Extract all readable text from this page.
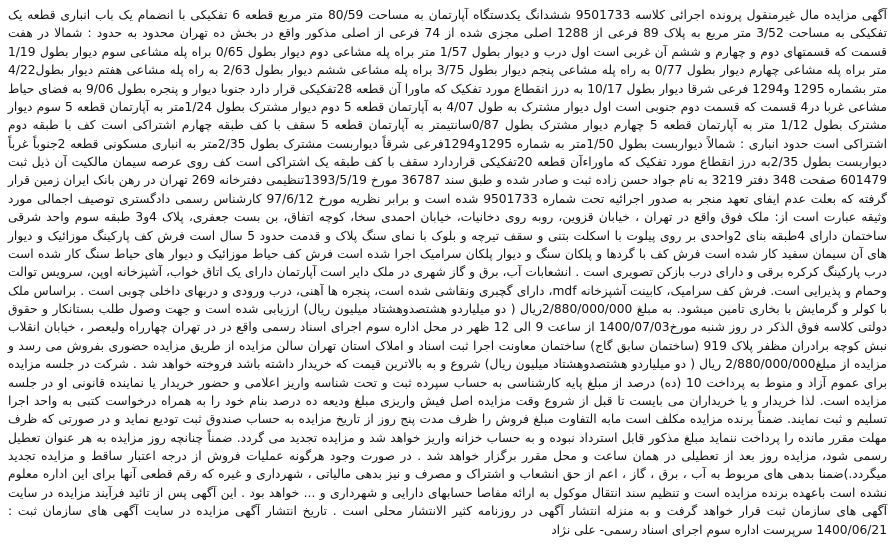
آگهی مزایده مال غیرمنقول پرونده اجرائی کلاسه 9501733 ششدانگ یکدستگاه آپارتمان به مساحت 80/59 متر مربع قطعه 6 تفکیکی با انضمام یک باب انباری قطعه یک تفکیکی به مساحت 3/52 متر مربع به پلاک 89 فرعی از 1288 اصلی مجزی شده از 74 فرعی از اصلی مذکور واقع در بخش ده تهران محدود به حدود : شمالا در هفت قسمت که قسمتهای دوم و چهارم و ششم آن غربی است اول درب و دیوار بطول 1/57 متر براه پله مشاعی دوم دیوار بطول 0/65 براه پله مشاعی سوم دیوار بطول 1/19 متر براه پله مشاعی چهارم دیوار بطول 0/77 به راه پله مشاعی پنجم دیوار بطول 3/75 براه پله مشاعی ششم دیوار بطول 2/63 به راه پله مشاعی هفتم دیوار بطول4/22 متر بشماره 1295 و1294 فرعی شرقا دیوار بطول 10/17 به درز انقطاع مورد تفکیک که ماورا آن قطعه 28تفکیکی قرار دارد جنوبا دیوار و پنجره بطول 9/06 به فضای حیاط مشاعی غربا در4 قسمت که قسمت دوم جنوبی است اول دیوار مشترک به طول 4/07 به آپارتمان قطعه 5 دوم دیوار مشترک بطول 1/24متر به آپارتمان قطعه 5 سوم دیوار مشترک بطول 1/12 متر به آپارتمان قطعه 5 چهارم دیوار مشترک بطول 0/87سانتیمتر به آپارتمان قطعه 5 سقف با کف طبقه چهارم اشتراکی است کف با طبقه دوم اشتراکی است حدود انباری : شمالاً دیواربست بطول 1/50متر به شماره 1295و1294فرعی شرقاً دیواربست مشترک بطول 2/35متر به انباری مسکونی قطعه 2جنوباً غرباً دیواربست بطول 2/35به درز انقطاع مورد تفکیک که ماوراءآن قطعه 20تفکیکی قراردارد سقف با کف طبقه یک اشتراکی است کف روی عرصه سیمان مالکیت آن ذیل ثبت 601479 صفحت 348 دفتر 3219 به نام جواد حسن زاده ثبت و صادر شده و طبق سند 36787 مورخ 1393/5/19تنظیمی دفترخانه 269 تهران در رهن بانک ایران زمین قرار گرفته که بعلت عدم ایفای تعهد منجر به صدور اجرائیه تحت شماره 9501733 شده است و برابر نظریه مورخ 97/6/12 کارشناس رسمی دادگستری توصیف اجمالی مورد وثیقه عبارت است از: ملک فوق واقع در تهران ، خیابان قزوین، روبه روی دخانیات، خیابان احمدی سخا، کوچه اتفاق، بن بست جعفری، پلاک 4و3 طبقه سوم واحد شرقی ساختمان دارای 4طبقه بنای 2واحدی بر روی پیلوت با اسکلت بتنی و سقف تیرچه و بلوک با نمای سنگ پلاک و قدمت حدود 5 سال است فرش کف پارکینگ موزائیک و دیوار های آن سیمان سفید کار شده است فرش کف با گردها و پلکان سنگ و دیوار پلکان سرامیک اجرا شده است فرش کف حیاط موزائیک و دیوار های حیاط سنگ کار شده است درب پارکینگ کرکره برقی و دارای درب بازکن تصویری است . انشعابات آب، برق و گاز شهری در ملک دایر است آپارتمان دارای یک اتاق خواب، آشپزخانه اوپن، سرویس توالت وحمام و پذیرایی است. فرش کف سرامیک، کابینت آشپزخانه mdf، دارای گچبری ونقاشی شده است، پنجره ها آهنی، درب ورودی و دربهای داخلی چوبی است . براساس ملک با کولر و گرمایش با بخاری تامین میشود. به مبلغ 2/880/000/000ریال ( دو میلیاردو هشتصدوهشتاد میلیون ریال) ارزیابی شده است و جهت وصول طلب بستانکار و حقوق دولتی کلاسه فوق الذکر در روز شنبه مورخ1400/07/03 از ساعت 9 الی 12 ظهر در محل اداره سوم اجرای اسناد رسمی واقع در در تهران چهارراه ولیعصر ، خیابان انقلاب نبش کوچه برادران مظفر پلاک 919 (ساختمان سابق گاج) ساختمان معاونت اجرا ثبت اسناد و املاک استان تهران سالن مزایده از طریق مزایده حضوری بفروش می رسد و مزایده از مبلغ2/880/000/000 ریال ( دو میلیاردو هشتصدوهشتاد میلیون ریال) شروع و به بالاترین قیمت که خریدار داشته باشد فروخته خواهد شد . شرکت در جلسه مزایده برای عموم آزاد و منوط به پرداخت 10 (ده) درصد از مبلغ پایه کارشناسی به حساب سپرده ثبت و تحت شناسه واریز اعلامی و حضور خریدار یا نماینده قانونی او در جلسه مزایده است. لذا خریدار و یا خریداران می بایست تا قبل از شروع وقت مزایده اصل فیش واریزی مبلغ ودیعه ده درصد بنام خود را به همراه درخواست کتبی به واحد اجرا تسلیم و ثبت نمایند. ضمناً برنده مزایده مکلف است مابه التفاوت مبلغ فروش را ظرف مدت پنج روز از تاریخ مزایده به حساب صندوق ثبت تودیع نماید و در صورتی که ظرف مهلت مقرر مانده را پرداخت ننماید مبلغ مذکور قابل استرداد نبوده و به حساب خزانه واریز خواهد شد و مزایده تجدید می گردد. ضمناً چنانچه روز مزایده به هر عنوان تعطیل رسمی شود، مزایده روز بعد از تعطیلی در همان ساعت و محل مقرر برگزار خواهد شد . در صورت وجود هرگونه عملیات فروش از درجه اعتبار ساقط و مزایده تجدید میگردد.)ضمنا بدهی های مربوط به آب ، برق ، گاز ، اعم از حق انشعاب و اشتراک و مصرف و نیز بدهی مالیاتی ، شهرداری و غیره که رقم قطعی آنها برای این اداره معلوم نشده است باعهده برنده مزایده است و تنظیم سند انتقال موکول به ارائه مفاصا حسابهای دارایی و شهرداری و ... خواهد بود . این آگهی پس از تائید فرآیند مزایده در سایت آگهی های سازمان ثبت قرار خواهد گرفت و به منزله انتشار آگهی در روزنامه کثیر الانتشار محلی است . تاریخ انتشار آگهی مزایده در سایت آگهی های سازمان ثبت : 1400/06/21 سرپرست اداره سوم اجرای اسناد رسمی- علی نژاد
